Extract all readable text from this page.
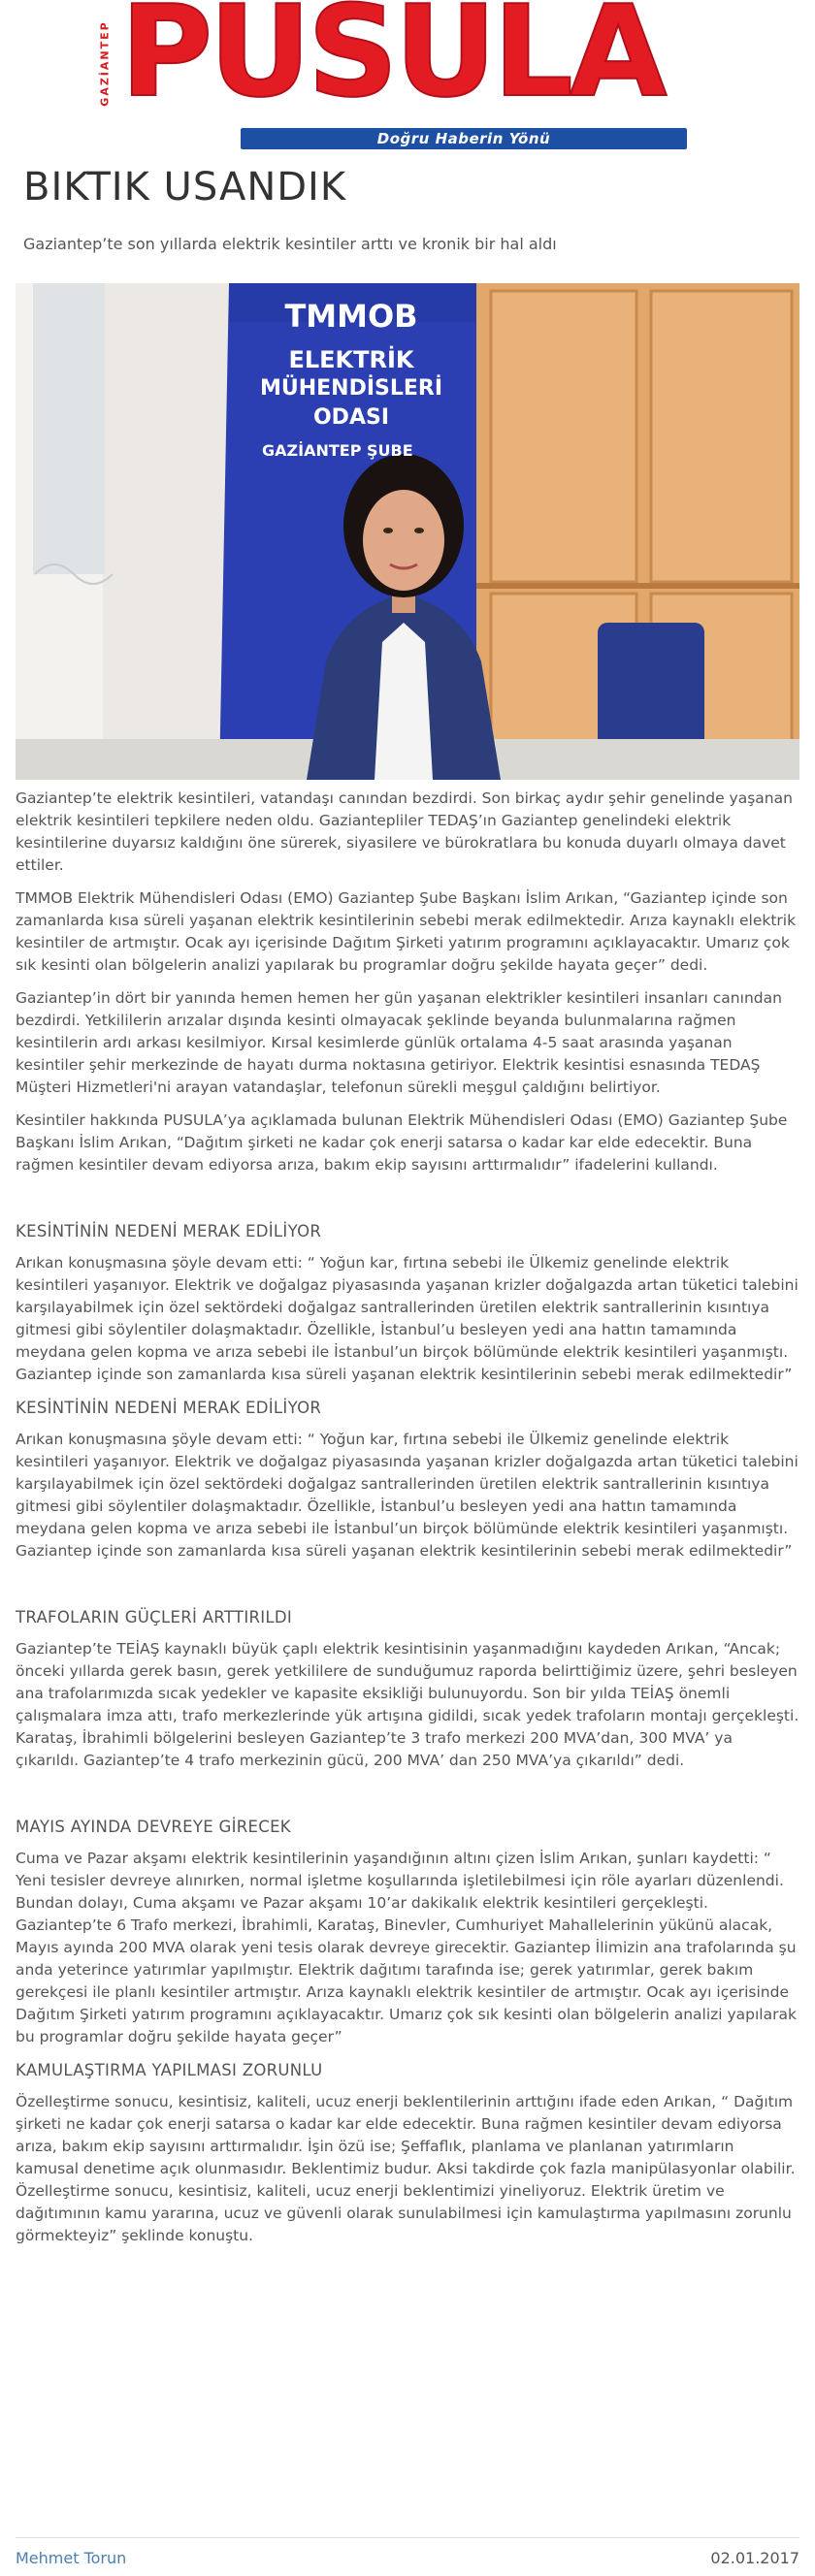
GAZİANTEP PUSULA
Doğru Haberin Yönü
BIKTIK USANDIK

Gaziantep’te son yıllarda elektrik kesintiler arttı ve kronik bir hal aldı

TMMOB
ELEKTRİK
MÜHENDİSLERİ
ODASI
GAZİANTEP ŞUBE

Gaziantep’te elektrik kesintileri, vatandaşı canından bezdirdi. Son birkaç aydır şehir genelinde yaşanan elektrik kesintileri tepkilere neden oldu. Gaziantepliler TEDAŞ’ın Gaziantep genelindeki elektrik kesintilerine duyarsız kaldığını öne sürerek, siyasilere ve bürokratlara bu konuda duyarlı olmaya davet ettiler.

TMMOB Elektrik Mühendisleri Odası (EMO) Gaziantep Şube Başkanı İslim Arıkan, “Gaziantep içinde son zamanlarda kısa süreli yaşanan elektrik kesintilerinin sebebi merak edilmektedir. Arıza kaynaklı elektrik kesintiler de artmıştır. Ocak ayı içerisinde Dağıtım Şirketi yatırım programını açıklayacaktır. Umarız çok sık kesinti olan bölgelerin analizi yapılarak bu programlar doğru şekilde hayata geçer” dedi.

Gaziantep’in dört bir yanında hemen hemen her gün yaşanan elektrikler kesintileri insanları canından bezdirdi. Yetkililerin arızalar dışında kesinti olmayacak şeklinde beyanda bulunmalarına rağmen kesintilerin ardı arkası kesilmiyor. Kırsal kesimlerde günlük ortalama 4-5 saat arasında yaşanan kesintiler şehir merkezinde de hayatı durma noktasına getiriyor. Elektrik kesintisi esnasında TEDAŞ Müşteri Hizmetleri'ni arayan vatandaşlar, telefonun sürekli meşgul çaldığını belirtiyor.

Kesintiler hakkında PUSULA’ya açıklamada bulunan Elektrik Mühendisleri Odası (EMO) Gaziantep Şube Başkanı İslim Arıkan, “Dağıtım şirketi ne kadar çok enerji satarsa o kadar kar elde edecektir. Buna rağmen kesintiler devam ediyorsa arıza, bakım ekip sayısını arttırmalıdır” ifadelerini kullandı.

KESİNTİNİN NEDENİ MERAK EDİLİYOR

Arıkan konuşmasına şöyle devam etti: “ Yoğun kar, fırtına sebebi ile Ülkemiz genelinde elektrik kesintileri yaşanıyor. Elektrik ve doğalgaz piyasasında yaşanan krizler doğalgazda artan tüketici talebini karşılayabilmek için özel sektördeki doğalgaz santrallerinden üretilen elektrik santrallerinin kısıntıya gitmesi gibi söylentiler dolaşmaktadır. Özellikle, İstanbul’u besleyen yedi ana hattın tamamında meydana gelen kopma ve arıza sebebi ile İstanbul’un birçok bölümünde elektrik kesintileri yaşanmıştı. Gaziantep içinde son zamanlarda kısa süreli yaşanan elektrik kesintilerinin sebebi merak edilmektedir”

KESİNTİNİN NEDENİ MERAK EDİLİYOR

Arıkan konuşmasına şöyle devam etti: “ Yoğun kar, fırtına sebebi ile Ülkemiz genelinde elektrik kesintileri yaşanıyor. Elektrik ve doğalgaz piyasasında yaşanan krizler doğalgazda artan tüketici talebini karşılayabilmek için özel sektördeki doğalgaz santrallerinden üretilen elektrik santrallerinin kısıntıya gitmesi gibi söylentiler dolaşmaktadır. Özellikle, İstanbul’u besleyen yedi ana hattın tamamında meydana gelen kopma ve arıza sebebi ile İstanbul’un birçok bölümünde elektrik kesintileri yaşanmıştı. Gaziantep içinde son zamanlarda kısa süreli yaşanan elektrik kesintilerinin sebebi merak edilmektedir”

TRAFOLARIN GÜÇLERİ ARTTIRILDI

Gaziantep’te TEİAŞ kaynaklı büyük çaplı elektrik kesintisinin yaşanmadığını kaydeden Arıkan, “Ancak; önceki yıllarda gerek basın, gerek yetkililere de sunduğumuz raporda belirttiğimiz üzere, şehri besleyen ana trafolarımızda sıcak yedekler ve kapasite eksikliği bulunuyordu. Son bir yılda TEİAŞ önemli çalışmalara imza attı, trafo merkezlerinde yük artışına gidildi, sıcak yedek trafoların montajı gerçekleşti. Karataş, İbrahimli bölgelerini besleyen Gaziantep’te 3 trafo merkezi 200 MVA’dan, 300 MVA’ ya çıkarıldı. Gaziantep’te 4 trafo merkezinin gücü, 200 MVA’ dan 250 MVA’ya çıkarıldı” dedi.

MAYIS AYINDA DEVREYE GİRECEK

Cuma ve Pazar akşamı elektrik kesintilerinin yaşandığının altını çizen İslim Arıkan, şunları kaydetti: “ Yeni tesisler devreye alınırken, normal işletme koşullarında işletilebilmesi için röle ayarları düzenlendi. Bundan dolayı, Cuma akşamı ve Pazar akşamı 10’ar dakikalık elektrik kesintileri gerçekleşti. Gaziantep’te 6 Trafo merkezi, İbrahimli, Karataş, Binevler, Cumhuriyet Mahallelerinin yükünü alacak, Mayıs ayında 200 MVA olarak yeni tesis olarak devreye girecektir. Gaziantep İlimizin ana trafolarında şu anda yeterince yatırımlar yapılmıştır. Elektrik dağıtımı tarafında ise; gerek yatırımlar, gerek bakım gerekçesi ile planlı kesintiler artmıştır. Arıza kaynaklı elektrik kesintiler de artmıştır. Ocak ayı içerisinde Dağıtım Şirketi yatırım programını açıklayacaktır. Umarız çok sık kesinti olan bölgelerin analizi yapılarak bu programlar doğru şekilde hayata geçer”

KAMULAŞTIRMA YAPILMASI ZORUNLU

Özelleştirme sonucu, kesintisiz, kaliteli, ucuz enerji beklentilerinin arttığını ifade eden Arıkan, “ Dağıtım şirketi ne kadar çok enerji satarsa o kadar kar elde edecektir. Buna rağmen kesintiler devam ediyorsa arıza, bakım ekip sayısını arttırmalıdır. İşin özü ise; Şeffaflık, planlama ve planlanan yatırımların kamusal denetime açık olunmasıdır. Beklentimiz budur. Aksi takdirde çok fazla manipülasyonlar olabilir. Özelleştirme sonucu, kesintisiz, kaliteli, ucuz enerji beklentimizi yineliyoruz. Elektrik üretim ve dağıtımının kamu yararına, ucuz ve güvenli olarak sunulabilmesi için kamulaştırma yapılmasını zorunlu görmekteyiz” şeklinde konuştu.

Mehmet Torun	02.01.2017
